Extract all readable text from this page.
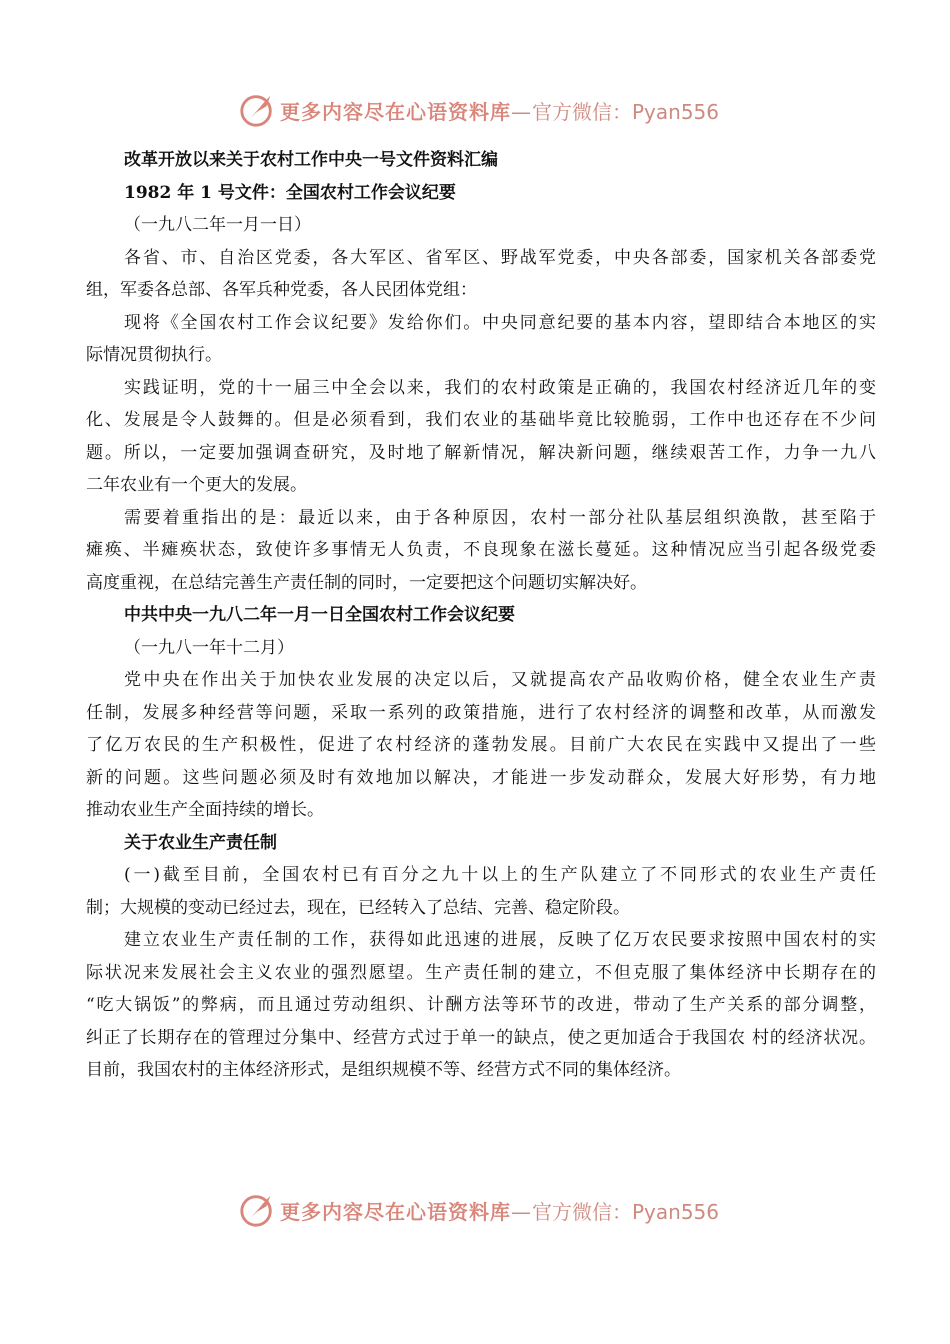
更多内容尽在心语资料库—官方微信：Pyan556
改革开放以来关于农村工作中央一号文件资料汇编
1982 年 1 号文件：全国农村工作会议纪要
（一九八二年一月一日）
各省、市、自治区党委，各大军区、省军区、野战军党委，中央各部委，国家机关各部委党
组，军委各总部、各军兵种党委，各人民团体党组：
现将《全国农村工作会议纪要》发给你们。中央同意纪要的基本内容，望即结合本地区的实
际情况贯彻执行。
实践证明，党的十一届三中全会以来，我们的农村政策是正确的，我国农村经济近几年的变
化、发展是令人鼓舞的。但是必须看到，我们农业的基础毕竟比较脆弱，工作中也还存在不少问
题。所以，一定要加强调查研究，及时地了解新情况，解决新问题，继续艰苦工作，力争一九八
二年农业有一个更大的发展。
需要着重指出的是：最近以来，由于各种原因，农村一部分社队基层组织涣散，甚至陷于
瘫痪、半瘫痪状态，致使许多事情无人负责，不良现象在滋长蔓延。这种情况应当引起各级党委
高度重视，在总结完善生产责任制的同时，一定要把这个问题切实解决好。
中共中央一九八二年一月一日全国农村工作会议纪要
（一九八一年十二月）
党中央在作出关于加快农业发展的决定以后，又就提高农产品收购价格，健全农业生产责
任制，发展多种经营等问题，采取一系列的政策措施，进行了农村经济的调整和改革，从而激发
了亿万农民的生产积极性，促进了农村经济的蓬勃发展。目前广大农民在实践中又提出了一些
新的问题。这些问题必须及时有效地加以解决，才能进一步发动群众，发展大好形势，有力地
推动农业生产全面持续的增长。
关于农业生产责任制
(一)截至目前，全国农村已有百分之九十以上的生产队建立了不同形式的农业生产责任
制；大规模的变动已经过去，现在，已经转入了总结、完善、稳定阶段。
建立农业生产责任制的工作，获得如此迅速的进展，反映了亿万农民要求按照中国农村的实
际状况来发展社会主义农业的强烈愿望。生产责任制的建立，不但克服了集体经济中长期存在的
“吃大锅饭”的弊病，而且通过劳动组织、计酬方法等环节的改进，带动了生产关系的部分调整，
纠正了长期存在的管理过分集中、经营方式过于单一的缺点，使之更加适合于我国农 村的经济状况。
目前，我国农村的主体经济形式，是组织规模不等、经营方式不同的集体经济。
更多内容尽在心语资料库—官方微信：Pyan556
